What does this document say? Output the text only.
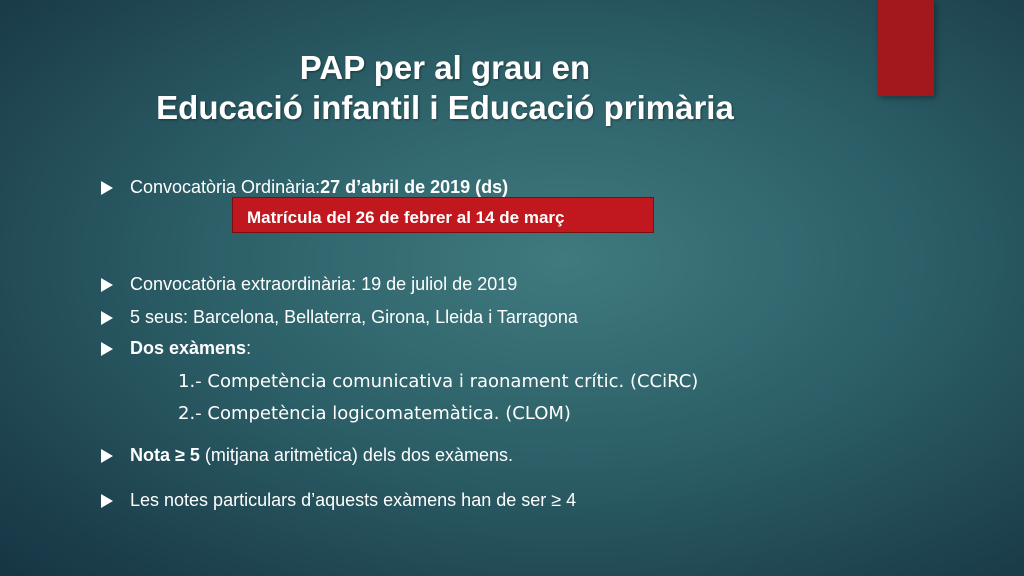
PAP per al grau en
Educació infantil i Educació primària
Convocatòria Ordinària: 27 d’abril de 2019 (ds)
Matrícula del 26 de febrer al 14 de març
Convocatòria extraordinària: 19 de juliol de 2019
5 seus: Barcelona, Bellaterra, Girona, Lleida i Tarragona
Dos exàmens :
1.- Competència comunicativa i raonament crític. (CCiRC)
2.- Competència logicomatemàtica. (CLOM)
Nota ≥ 5 (mitjana aritmètica) dels dos exàmens.
Les notes particulars d’aquests exàmens han de ser ≥ 4
